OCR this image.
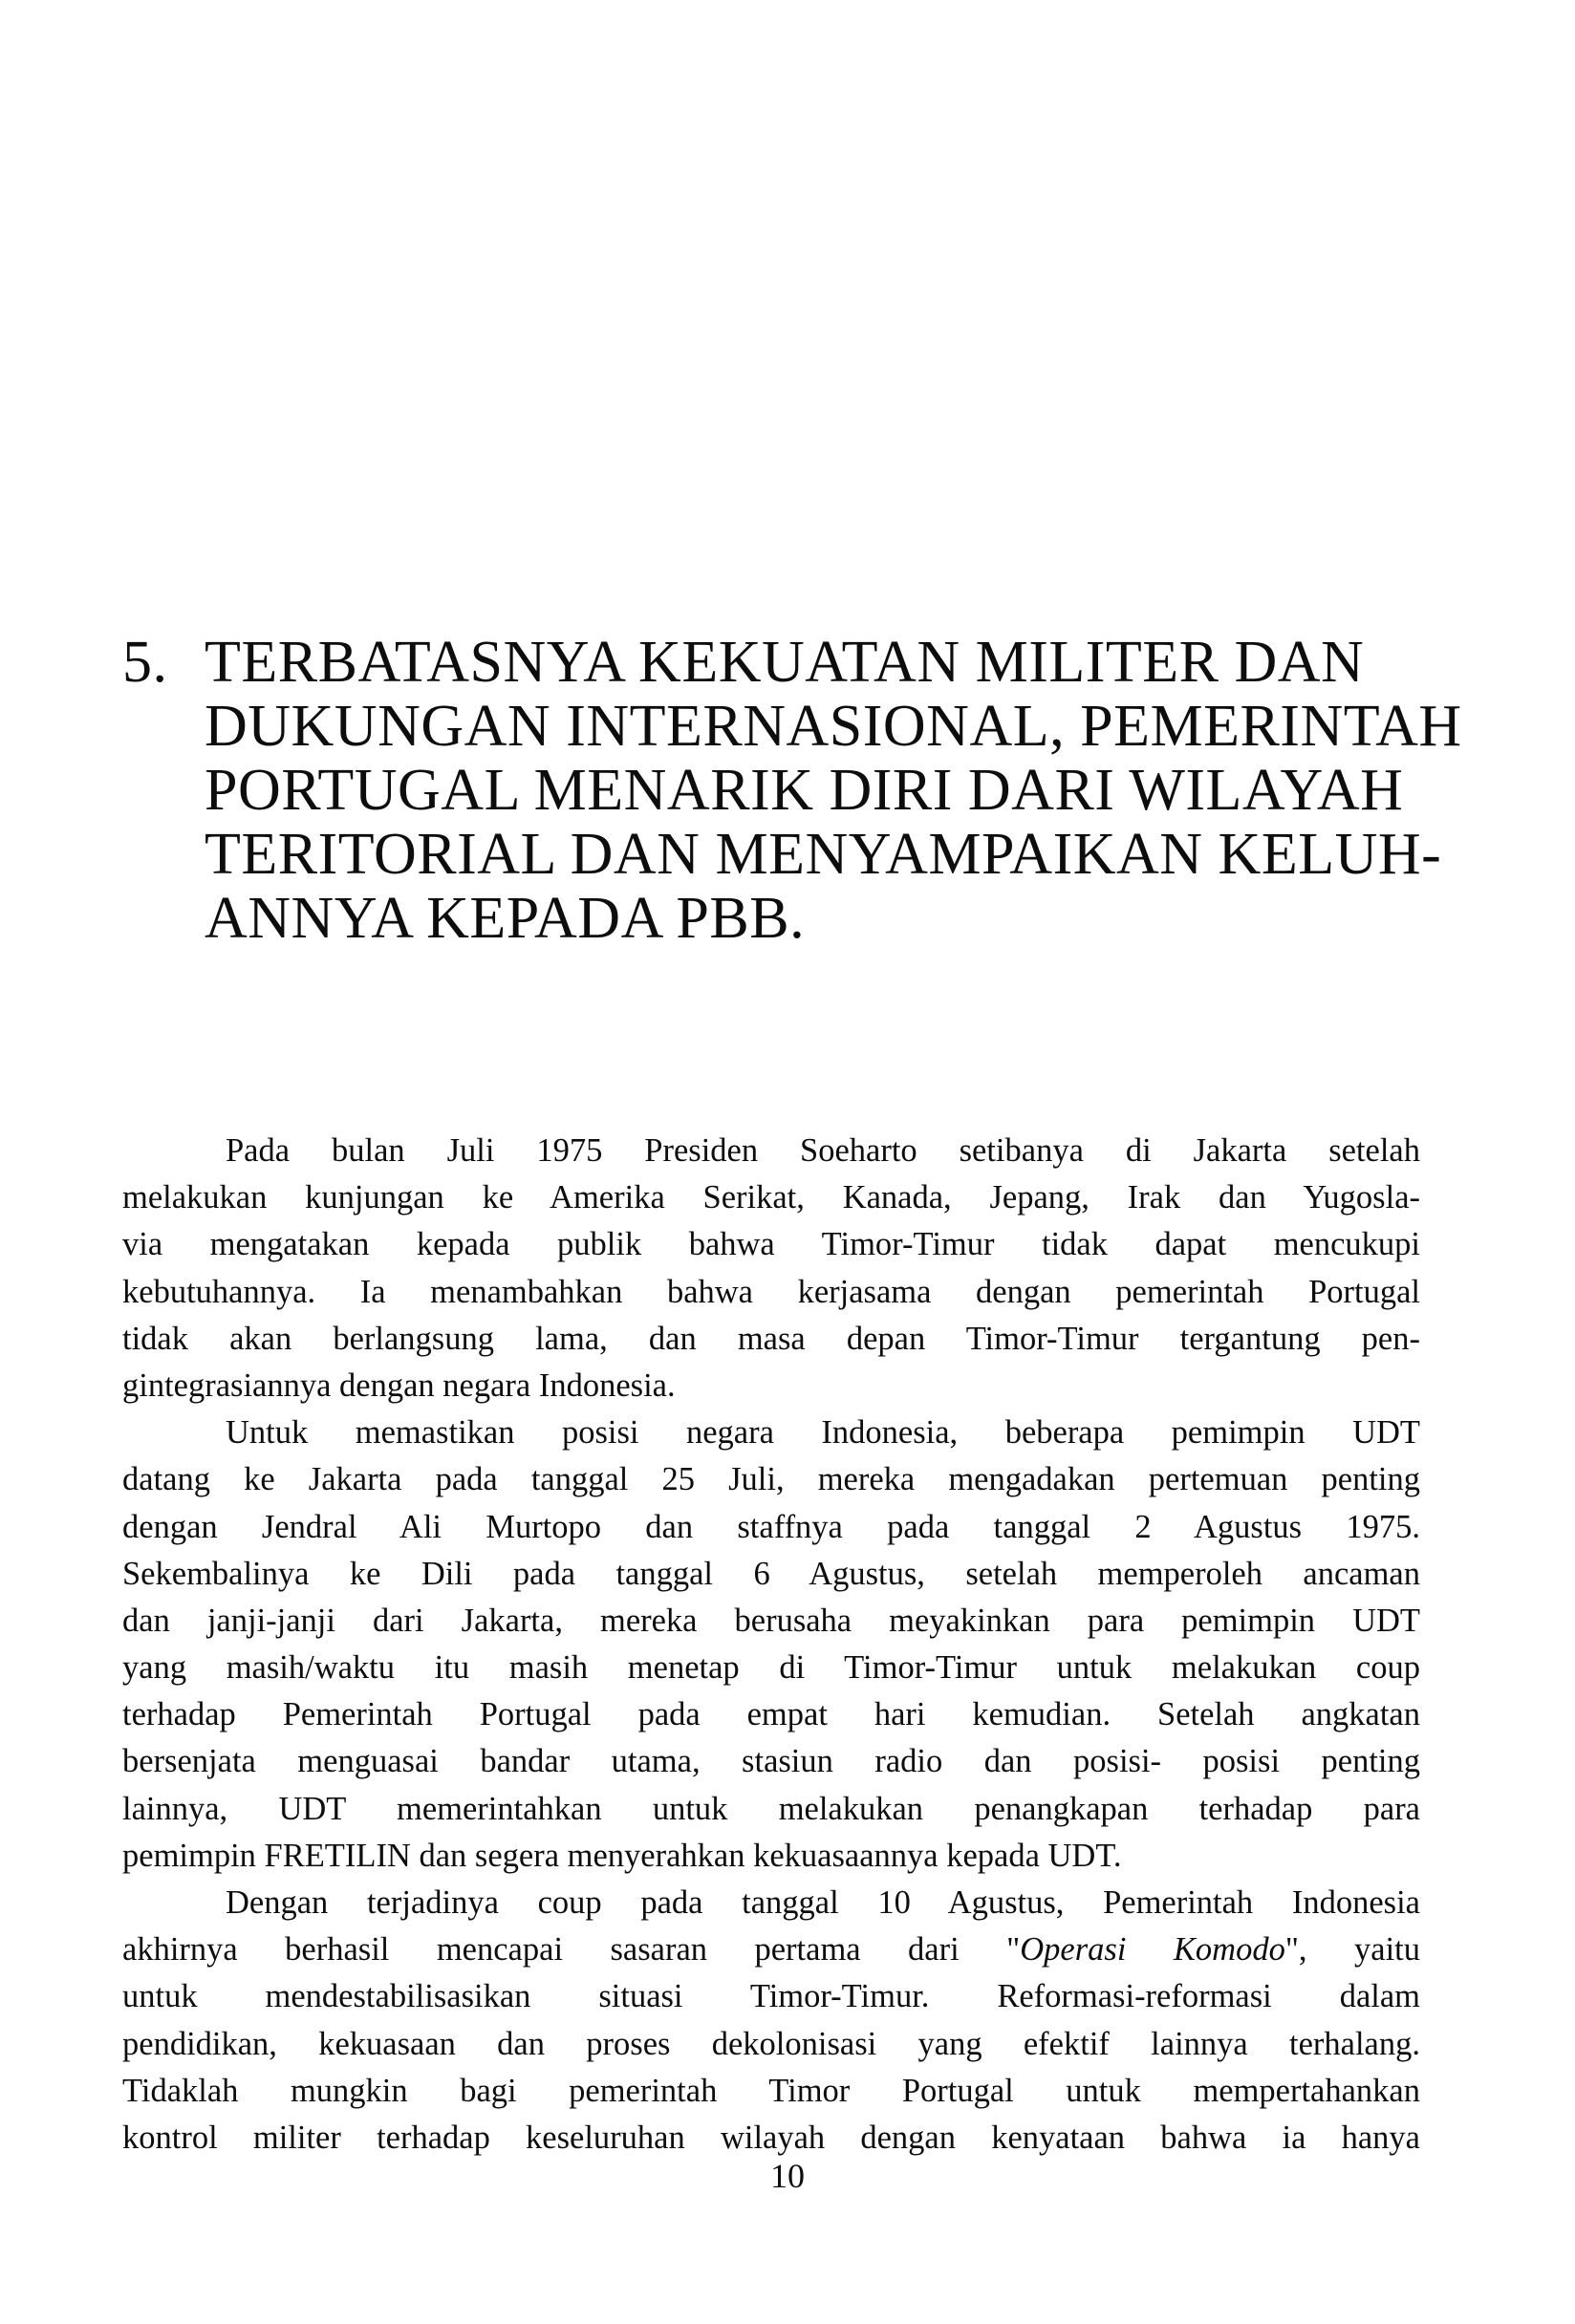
5. TERBATASNYA KEKUATAN MILITER DAN
DUKUNGAN INTERNASIONAL, PEMERINTAH
PORTUGAL MENARIK DIRI DARI WILAYAH
TERITORIAL DAN MENYAMPAIKAN KELUH-
ANNYA KEPADA PBB.
Pada bulan Juli 1975 Presiden Soeharto setibanya di Jakarta setelah
melakukan kunjungan ke Amerika Serikat, Kanada, Jepang, Irak dan Yugosla-
via mengatakan kepada publik bahwa Timor-Timur tidak dapat mencukupi
kebutuhannya. Ia menambahkan bahwa kerjasama dengan pemerintah Portugal
tidak akan berlangsung lama, dan masa depan Timor-Timur tergantung pen-
gintegrasiannya dengan negara Indonesia.
Untuk memastikan posisi negara Indonesia, beberapa pemimpin UDT
datang ke Jakarta pada tanggal 25 Juli, mereka mengadakan pertemuan penting
dengan Jendral Ali Murtopo dan staffnya pada tanggal 2 Agustus 1975.
Sekembalinya ke Dili pada tanggal 6 Agustus, setelah memperoleh ancaman
dan janji-janji dari Jakarta, mereka berusaha meyakinkan para pemimpin UDT
yang masih/waktu itu masih menetap di Timor-Timur untuk melakukan coup
terhadap Pemerintah Portugal pada empat hari kemudian. Setelah angkatan
bersenjata menguasai bandar utama, stasiun radio dan posisi- posisi penting
lainnya, UDT memerintahkan untuk melakukan penangkapan terhadap para
pemimpin FRETILIN dan segera menyerahkan kekuasaannya kepada UDT.
Dengan terjadinya coup pada tanggal 10 Agustus, Pemerintah Indonesia
akhirnya berhasil mencapai sasaran pertama dari "Operasi Komodo", yaitu
untuk mendestabilisasikan situasi Timor-Timur. Reformasi-reformasi dalam
pendidikan, kekuasaan dan proses dekolonisasi yang efektif lainnya terhalang.
Tidaklah mungkin bagi pemerintah Timor Portugal untuk mempertahankan
kontrol militer terhadap keseluruhan wilayah dengan kenyataan bahwa ia hanya
10
